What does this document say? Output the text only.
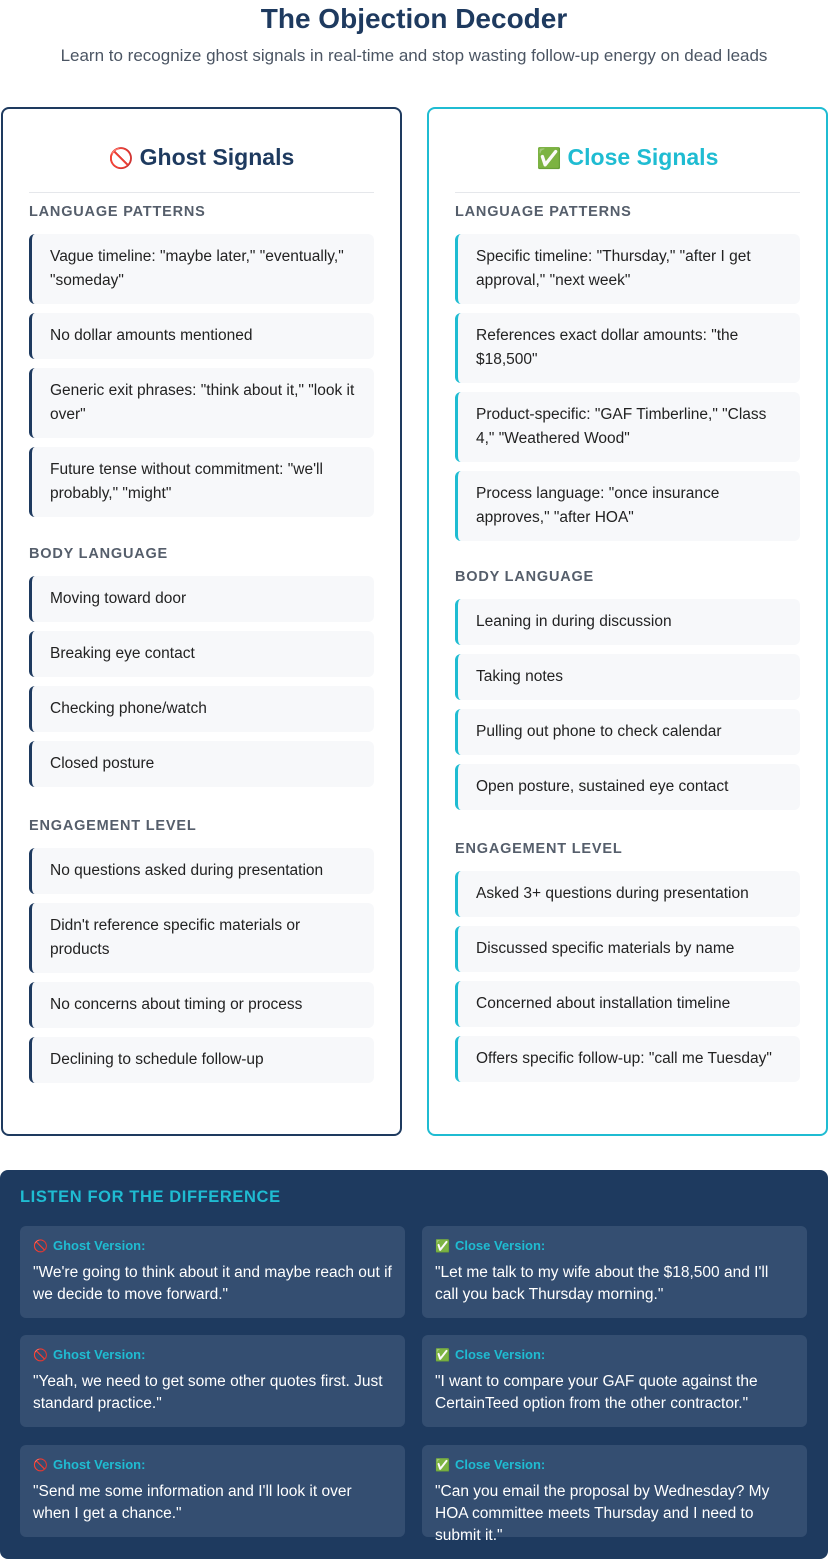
The Objection Decoder
Learn to recognize ghost signals in real-time and stop wasting follow-up energy on dead leads
🚫 Ghost Signals
LANGUAGE PATTERNS
Vague timeline: "maybe later," "eventually," "someday"
No dollar amounts mentioned
Generic exit phrases: "think about it," "look it over"
Future tense without commitment: "we'll probably," "might"
BODY LANGUAGE
Moving toward door
Breaking eye contact
Checking phone/watch
Closed posture
ENGAGEMENT LEVEL
No questions asked during presentation
Didn't reference specific materials or products
No concerns about timing or process
Declining to schedule follow-up
✅ Close Signals
LANGUAGE PATTERNS
Specific timeline: "Thursday," "after I get approval," "next week"
References exact dollar amounts: "the $18,500"
Product-specific: "GAF Timberline," "Class 4," "Weathered Wood"
Process language: "once insurance approves," "after HOA"
BODY LANGUAGE
Leaning in during discussion
Taking notes
Pulling out phone to check calendar
Open posture, sustained eye contact
ENGAGEMENT LEVEL
Asked 3+ questions during presentation
Discussed specific materials by name
Concerned about installation timeline
Offers specific follow-up: "call me Tuesday"
LISTEN FOR THE DIFFERENCE
🚫 Ghost Version:
"We're going to think about it and maybe reach out if we decide to move forward."
✅ Close Version:
"Let me talk to my wife about the $18,500 and I'll call you back Thursday morning."
🚫 Ghost Version:
"Yeah, we need to get some other quotes first. Just standard practice."
✅ Close Version:
"I want to compare your GAF quote against the CertainTeed option from the other contractor."
🚫 Ghost Version:
"Send me some information and I'll look it over when I get a chance."
✅ Close Version:
"Can you email the proposal by Wednesday? My HOA committee meets Thursday and I need to submit it."
